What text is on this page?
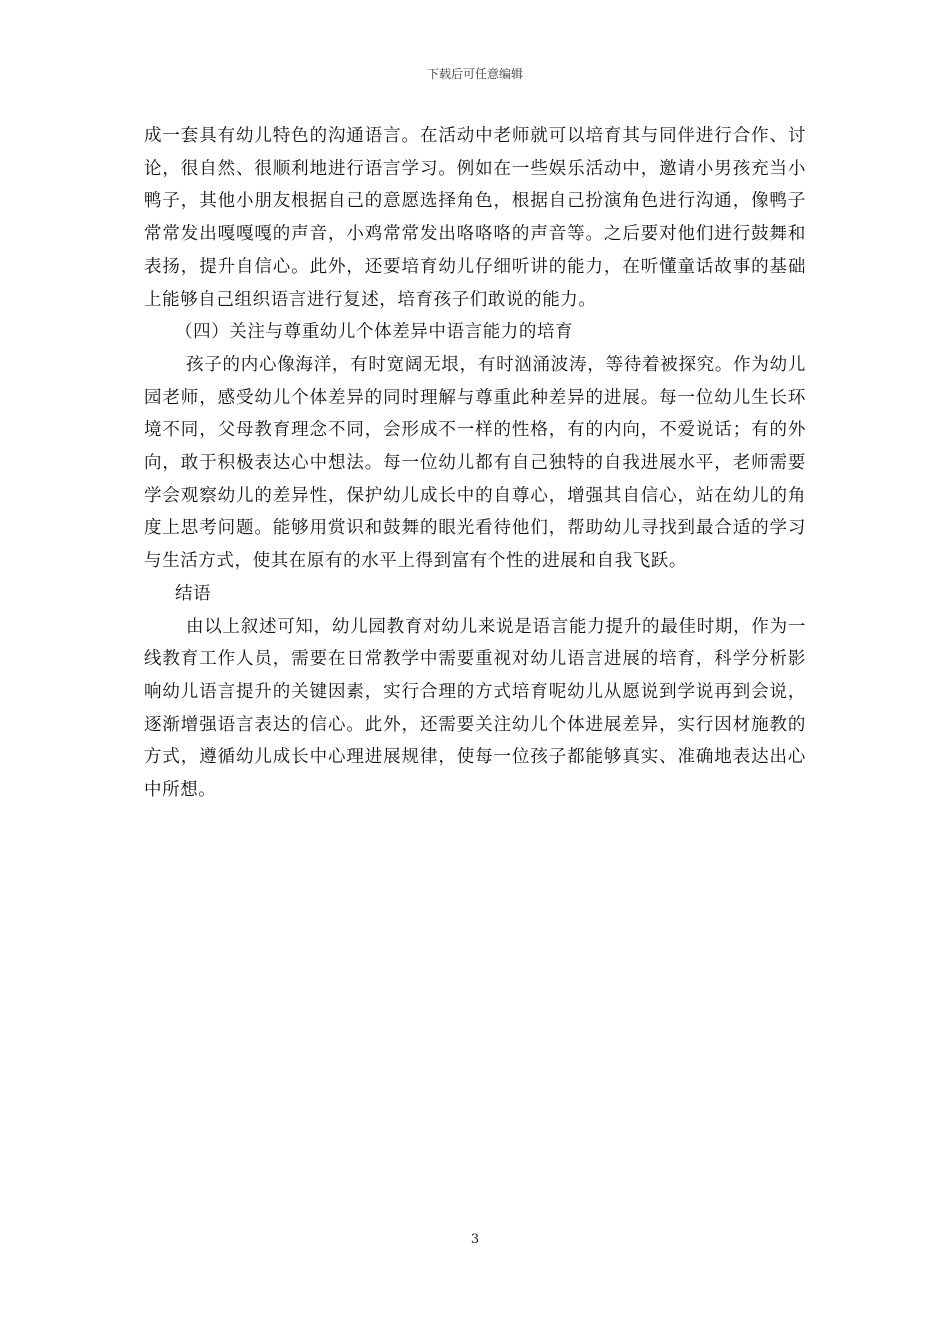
下载后可任意编辑

成一套具有幼儿特色的沟通语言。在活动中老师就可以培育其与同伴进行合作、讨论，很自然、很顺利地进行语言学习。例如在一些娱乐活动中，邀请小男孩充当小鸭子，其他小朋友根据自己的意愿选择角色，根据自己扮演角色进行沟通，像鸭子常常发出嘎嘎嘎的声音，小鸡常常发出咯咯咯的声音等。之后要对他们进行鼓舞和表扬，提升自信心。此外，还要培育幼儿仔细听讲的能力，在听懂童话故事的基础上能够自己组织语言进行复述，培育孩子们敢说的能力。

（四）关注与尊重幼儿个体差异中语言能力的培育

孩子的内心像海洋，有时宽阔无垠，有时汹涌波涛，等待着被探究。作为幼儿园老师，感受幼儿个体差异的同时理解与尊重此种差异的进展。每一位幼儿生长环境不同，父母教育理念不同，会形成不一样的性格，有的内向，不爱说话；有的外向，敢于积极表达心中想法。每一位幼儿都有自己独特的自我进展水平，老师需要学会观察幼儿的差异性，保护幼儿成长中的自尊心，增强其自信心，站在幼儿的角度上思考问题。能够用赏识和鼓舞的眼光看待他们，帮助幼儿寻找到最合适的学习与生活方式，使其在原有的水平上得到富有个性的进展和自我飞跃。

结语

由以上叙述可知，幼儿园教育对幼儿来说是语言能力提升的最佳时期，作为一线教育工作人员，需要在日常教学中需要重视对幼儿语言进展的培育，科学分析影响幼儿语言提升的关键因素，实行合理的方式培育呢幼儿从愿说到学说再到会说，逐渐增强语言表达的信心。此外，还需要关注幼儿个体进展差异，实行因材施教的方式，遵循幼儿成长中心理进展规律，使每一位孩子都能够真实、准确地表达出心中所想。

3
